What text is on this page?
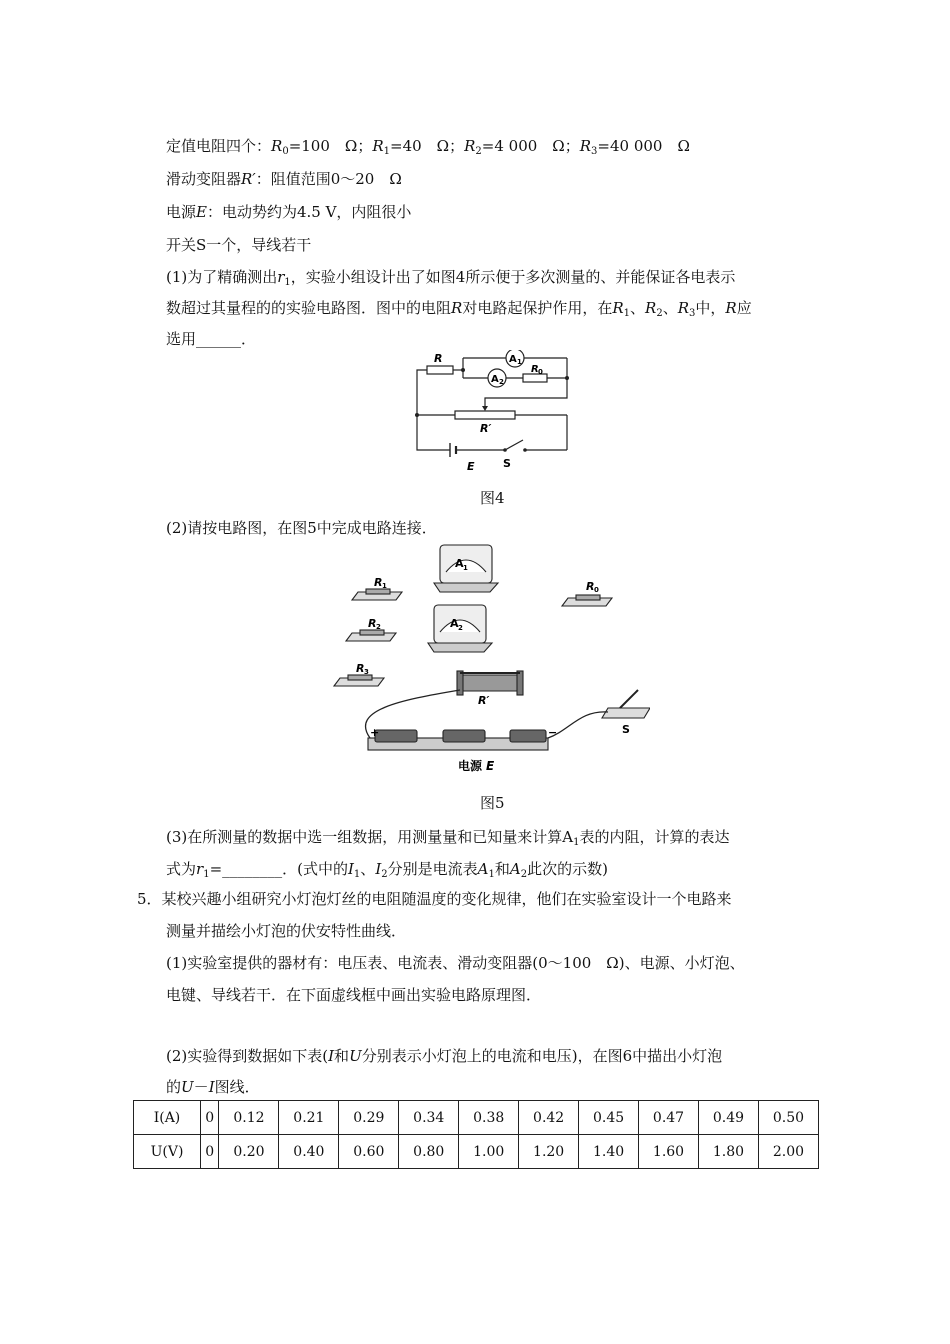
定值电阻四个：$R_0=100$　Ω；$R_1=40$　Ω；$R_2=4$ 000　Ω；$R_3=40$ 000　Ω
滑动变阻器R′：阻值范围0～20　Ω
电源E：电动势约为4.5 V，内阻很小
开关S一个，导线若干
(1)为了精确测出$r_1$，实验小组设计出了如图4所示便于多次测量的、并能保证各电表示
数超过其量程的的实验电路图．图中的电阻R对电路起保护作用，在$R_1$、$R_2$、$R_3$中，R应
选用______．
R	A 1
A 2
R 0
R′
E	S
图4
(2)请按电路图，在图5中完成电路连接．
R 1
R 2
R 3
R 0
A 1
A 2
R′
S
+	−
电源 E
图5
(3)在所测量的数据中选一组数据，用测量量和已知量来计算$A_1$表的内阻，计算的表达
式为$r_1=\_\_\_\_\_\_\_\_$．(式中的$I_1$、$I_2$分别是电流表$A_1$和$A_2$此次的示数)
5．某校兴趣小组研究小灯泡灯丝的电阻随温度的变化规律，他们在实验室设计一个电路来
测量并描绘小灯泡的伏安特性曲线．
(1)实验室提供的器材有：电压表、电流表、滑动变阻器(0～100　Ω)、电源、小灯泡、
电键、导线若干．在下面虚线框中画出实验电路原理图．
(2)实验得到数据如下表(I和U分别表示小灯泡上的电流和电压)，在图6中描出小灯泡
的U－I图线．
I(A)	0	0.12	0.21	0.29	0.34	0.38	0.42	0.45	0.47	0.49	0.50
U(V)	0	0.20	0.40	0.60	0.80	1.00	1.20	1.40	1.60	1.80	2.00
